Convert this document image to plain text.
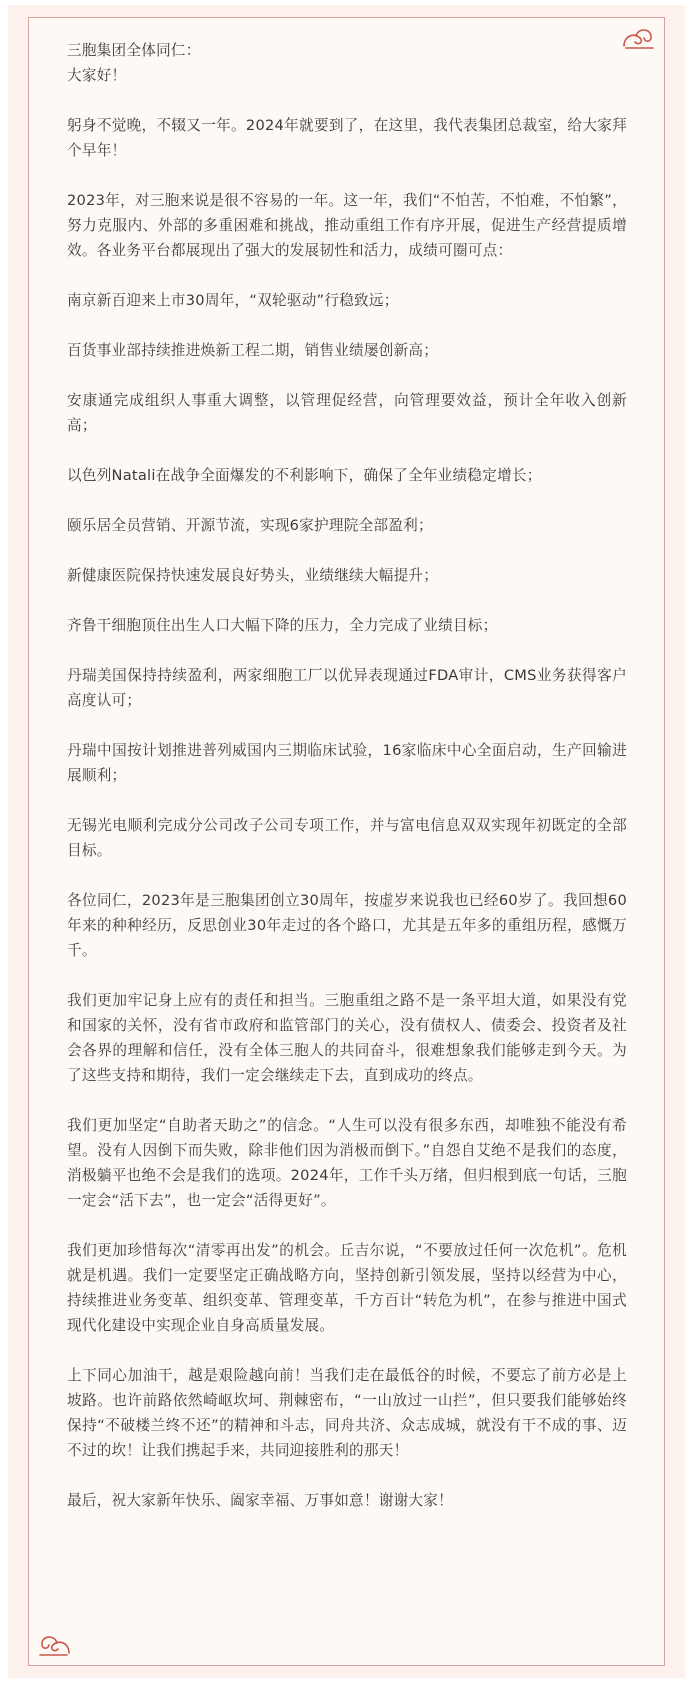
三胞集团全体同仁：

大家好！

躬身不觉晚，不辍又一年。2024年就要到了，在这里，我代表集团总裁室，给大家拜个早年！

2023年，对三胞来说是很不容易的一年。这一年，我们“不怕苦，不怕难，不怕繁”，努力克服内、外部的多重困难和挑战，推动重组工作有序开展，促进生产经营提质增效。各业务平台都展现出了强大的发展韧性和活力，成绩可圈可点：

南京新百迎来上市30周年，“双轮驱动”行稳致远；

百货事业部持续推进焕新工程二期，销售业绩屡创新高；

安康通完成组织人事重大调整，以管理促经营，向管理要效益，预计全年收入创新高；

以色列Natali在战争全面爆发的不利影响下，确保了全年业绩稳定增长；

颐乐居全员营销、开源节流，实现6家护理院全部盈利；

新健康医院保持快速发展良好势头，业绩继续大幅提升；

齐鲁干细胞顶住出生人口大幅下降的压力，全力完成了业绩目标；

丹瑞美国保持持续盈利，两家细胞工厂以优异表现通过FDA审计，CMS业务获得客户高度认可；

丹瑞中国按计划推进普列威国内三期临床试验，16家临床中心全面启动，生产回输进展顺利；

无锡光电顺利完成分公司改子公司专项工作，并与富电信息双双实现年初既定的全部目标。

各位同仁，2023年是三胞集团创立30周年，按虚岁来说我也已经60岁了。我回想60年来的种种经历，反思创业30年走过的各个路口，尤其是五年多的重组历程，感慨万千。

我们更加牢记身上应有的责任和担当。三胞重组之路不是一条平坦大道，如果没有党和国家的关怀，没有省市政府和监管部门的关心，没有债权人、债委会、投资者及社会各界的理解和信任，没有全体三胞人的共同奋斗，很难想象我们能够走到今天。为了这些支持和期待，我们一定会继续走下去，直到成功的终点。

我们更加坚定“自助者天助之”的信念。“人生可以没有很多东西，却唯独不能没有希望。没有人因倒下而失败，除非他们因为消极而倒下。”自怨自艾绝不是我们的态度，消极躺平也绝不会是我们的选项。2024年，工作千头万绪，但归根到底一句话，三胞一定会“活下去”，也一定会“活得更好”。

我们更加珍惜每次“清零再出发”的机会。丘吉尔说，“不要放过任何一次危机”。危机就是机遇。我们一定要坚定正确战略方向，坚持创新引领发展，坚持以经营为中心，持续推进业务变革、组织变革、管理变革，千方百计“转危为机”，在参与推进中国式现代化建设中实现企业自身高质量发展。

上下同心加油干，越是艰险越向前！当我们走在最低谷的时候，不要忘了前方必是上坡路。也许前路依然崎岖坎坷、荆棘密布，“一山放过一山拦”，但只要我们能够始终保持“不破楼兰终不还”的精神和斗志，同舟共济、众志成城，就没有干不成的事、迈不过的坎！让我们携起手来，共同迎接胜利的那天！

最后，祝大家新年快乐、阖家幸福、万事如意！谢谢大家！
